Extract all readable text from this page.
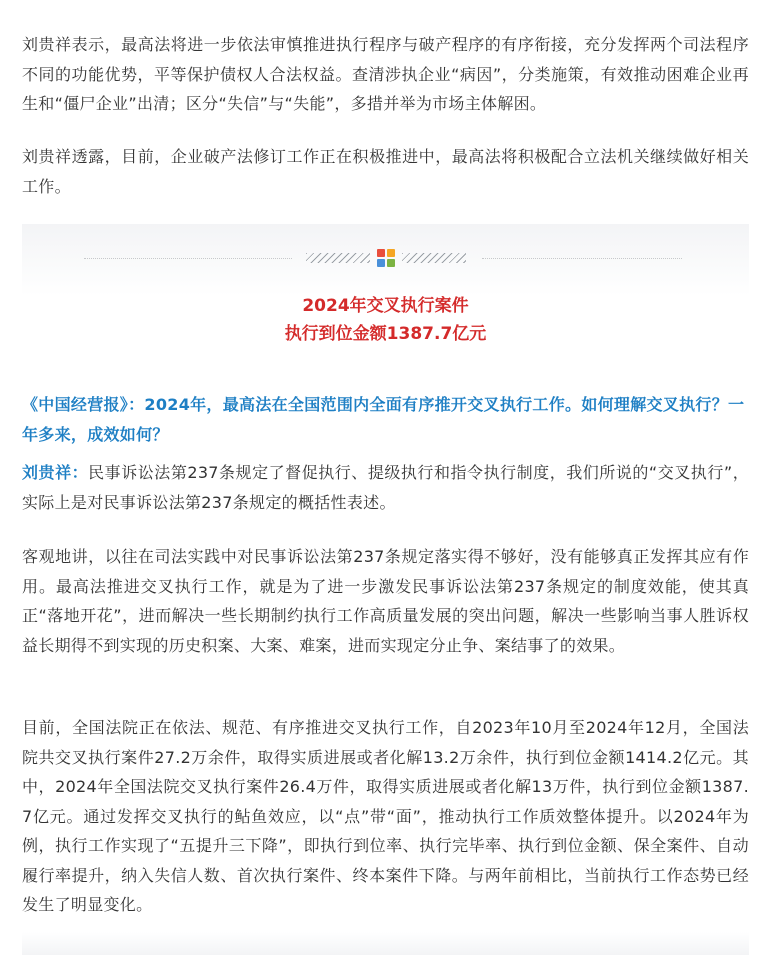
刘贵祥表示，最高法将进一步依法审慎推进执行程序与破产程序的有序衔接，充分发挥两个司法程序不同的功能优势，平等保护债权人合法权益。查清涉执企业“病因”，分类施策，有效推动困难企业再生和“僵尸企业”出清；区分“失信”与“失能”，多措并举为市场主体解困。

刘贵祥透露，目前，企业破产法修订工作正在积极推进中，最高法将积极配合立法机关继续做好相关工作。

2024年交叉执行案件
执行到位金额1387.7亿元

《中国经营报》：2024年，最高法在全国范围内全面有序推开交叉执行工作。如何理解交叉执行？一年多来，成效如何？

刘贵祥：民事诉讼法第237条规定了督促执行、提级执行和指令执行制度，我们所说的“交叉执行”，实际上是对民事诉讼法第237条规定的概括性表述。

客观地讲，以往在司法实践中对民事诉讼法第237条规定落实得不够好，没有能够真正发挥其应有作用。最高法推进交叉执行工作，就是为了进一步激发民事诉讼法第237条规定的制度效能，使其真正“落地开花”，进而解决一些长期制约执行工作高质量发展的突出问题，解决一些影响当事人胜诉权益长期得不到实现的历史积案、大案、难案，进而实现定分止争、案结事了的效果。

目前，全国法院正在依法、规范、有序推进交叉执行工作，自2023年10月至2024年12月，全国法院共交叉执行案件27.2万余件，取得实质进展或者化解13.2万余件，执行到位金额1414.2亿元。其中，2024年全国法院交叉执行案件26.4万件，取得实质进展或者化解13万件，执行到位金额1387.7亿元。通过发挥交叉执行的鲇鱼效应，以“点”带“面”，推动执行工作质效整体提升。以2024年为例，执行工作实现了“五提升三下降”，即执行到位率、执行完毕率、执行到位金额、保全案件、自动履行率提升，纳入失信人数、首次执行案件、终本案件下降。与两年前相比，当前执行工作态势已经发生了明显变化。
